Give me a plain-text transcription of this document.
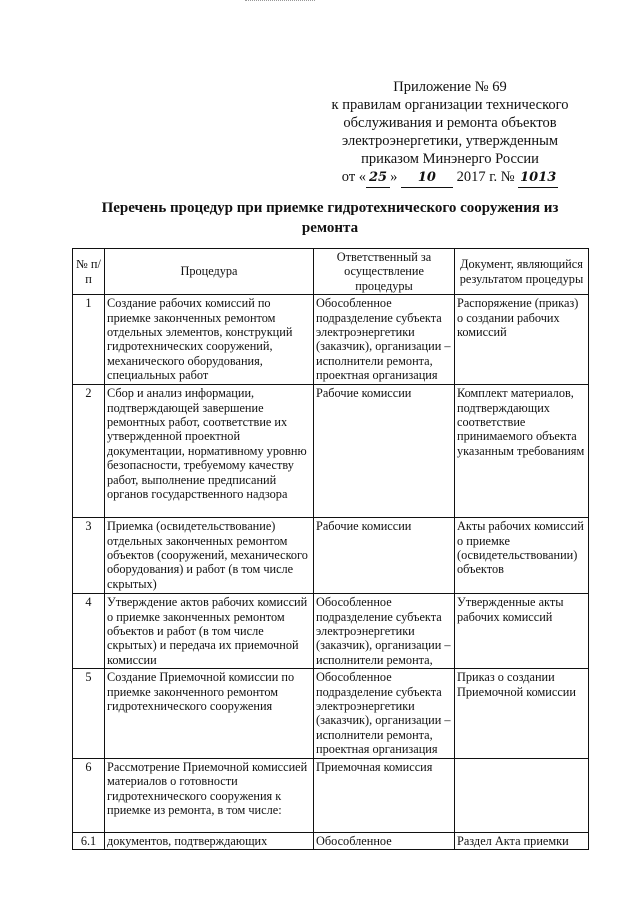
Приложение № 69
к правилам организации технического
обслуживания и ремонта объектов
электроэнергетики, утвержденным
приказом Минэнерго России
от « 25 » 10 2017 г. № 1013
Перечень процедур при приемке гидротехнического сооружения из
ремонта
№ п/п	Процедура	Ответственный за осуществление процедуры	Документ, являющийся результатом процедуры
1	Создание рабочих комиссий по приемке законченных ремонтом отдельных элементов, конструкций гидротехнических сооружений, механического оборудования, специальных работ	Обособленное подразделение субъекта электроэнергетики (заказчик), организации – исполнители ремонта, проектная организация	Распоряжение (приказ) о создании рабочих комиссий
2	Сбор и анализ информации, подтверждающей завершение ремонтных работ, соответствие их утвержденной проектной документации, нормативному уровню безопасности, требуемому качеству работ, выполнение предписаний органов государственного надзора	Рабочие комиссии	Комплект материалов, подтверждающих соответствие принимаемого объекта указанным требованиям
3	Приемка (освидетельствование) отдельных законченных ремонтом объектов (сооружений, механического оборудования) и работ (в том числе скрытых)	Рабочие комиссии	Акты рабочих комиссий о приемке (освидетельствовании) объектов
4	Утверждение актов рабочих комиссий о приемке законченных ремонтом объектов и работ (в том числе скрытых) и передача их приемочной комиссии	Обособленное подразделение субъекта электроэнергетики (заказчик), организации – исполнители ремонта,	Утвержденные акты рабочих комиссий
5	Создание Приемочной комиссии по приемке законченного ремонтом гидротехнического сооружения	Обособленное подразделение субъекта электроэнергетики (заказчик), организации – исполнители ремонта, проектная организация	Приказ о создании Приемочной комиссии
6	Рассмотрение Приемочной комиссией материалов о готовности гидротехнического сооружения к приемке из ремонта, в том числе:	Приемочная комиссия	
6.1	документов, подтверждающих	Обособленное	Раздел Акта приемки
